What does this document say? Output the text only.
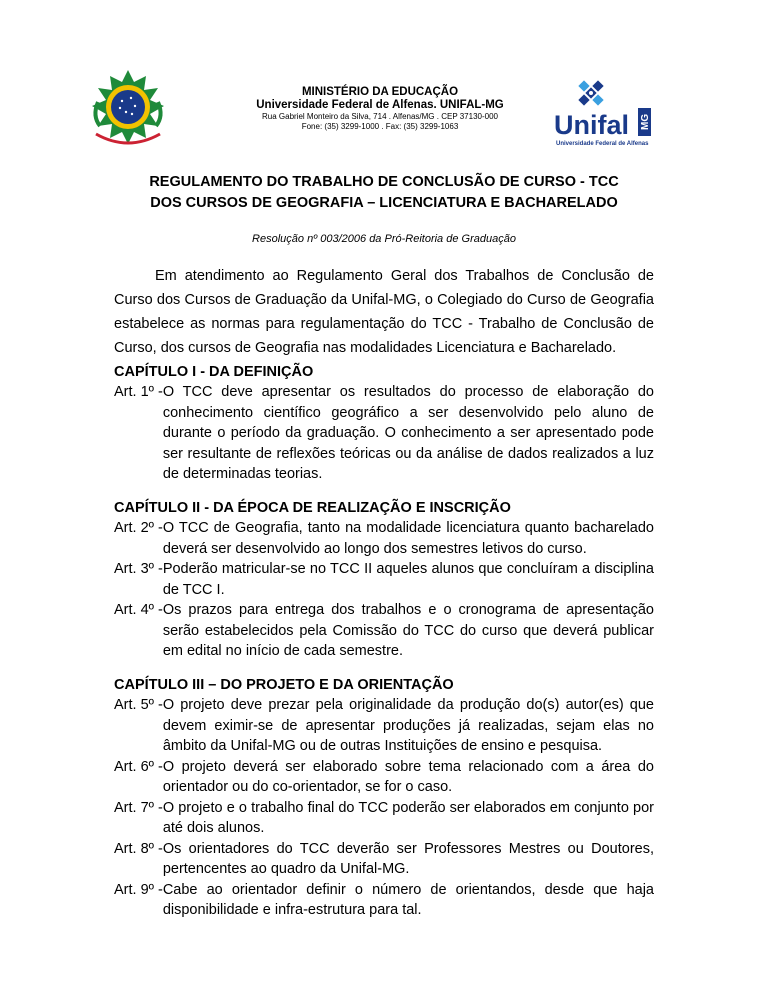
MINISTÉRIO DA EDUCAÇÃO
Universidade Federal de Alfenas. UNIFAL-MG
Rua Gabriel Monteiro da Silva, 714 . Alfenas/MG . CEP 37130-000
Fone: (35) 3299-1000 . Fax: (35) 3299-1063	Unifal MG
Universidade Federal de Alfenas
REGULAMENTO DO TRABALHO DE CONCLUSÃO DE CURSO - TCC
DOS CURSOS DE GEOGRAFIA – LICENCIATURA E BACHARELADO
Resolução nº 003/2006 da Pró-Reitoria de Graduação

Em atendimento ao Regulamento Geral dos Trabalhos de Conclusão de Curso dos Cursos de Graduação da Unifal-MG, o Colegiado do Curso de Geografia estabelece as normas para regulamentação do TCC - Trabalho de Conclusão de Curso, dos cursos de Geografia nas modalidades Licenciatura e Bacharelado.

CAPÍTULO I - DA DEFINIÇÃO

Art. 1º - O TCC deve apresentar os resultados do processo de elaboração do conhecimento científico geográfico a ser desenvolvido pelo aluno de durante o período da graduação. O conhecimento a ser apresentado pode ser resultante de reflexões teóricas ou da análise de dados realizados a luz de determinadas teorias.

CAPÍTULO II - DA ÉPOCA DE REALIZAÇÃO E INSCRIÇÃO

Art. 2º - O TCC de Geografia, tanto na modalidade licenciatura quanto bacharelado deverá ser desenvolvido ao longo dos semestres letivos do curso.
Art. 3º - Poderão matricular-se no TCC II aqueles alunos que concluíram a disciplina de TCC I.
Art. 4º - Os prazos para entrega dos trabalhos e o cronograma de apresentação serão estabelecidos pela Comissão do TCC do curso que deverá publicar em edital no início de cada semestre.

CAPÍTULO III – DO PROJETO E DA ORIENTAÇÃO

Art. 5º - O projeto deve prezar pela originalidade da produção do(s) autor(es) que devem eximir-se de apresentar produções já realizadas, sejam elas no âmbito da Unifal-MG ou de outras Instituições de ensino e pesquisa.
Art. 6º - O projeto deverá ser elaborado sobre tema relacionado com a área do orientador ou do co-orientador, se for o caso.
Art. 7º - O projeto e o trabalho final do TCC poderão ser elaborados em conjunto por até dois alunos.
Art. 8º - Os orientadores do TCC deverão ser Professores Mestres ou Doutores, pertencentes ao quadro da Unifal-MG.
Art. 9º - Cabe ao orientador definir o número de orientandos, desde que haja disponibilidade e infra-estrutura para tal.
